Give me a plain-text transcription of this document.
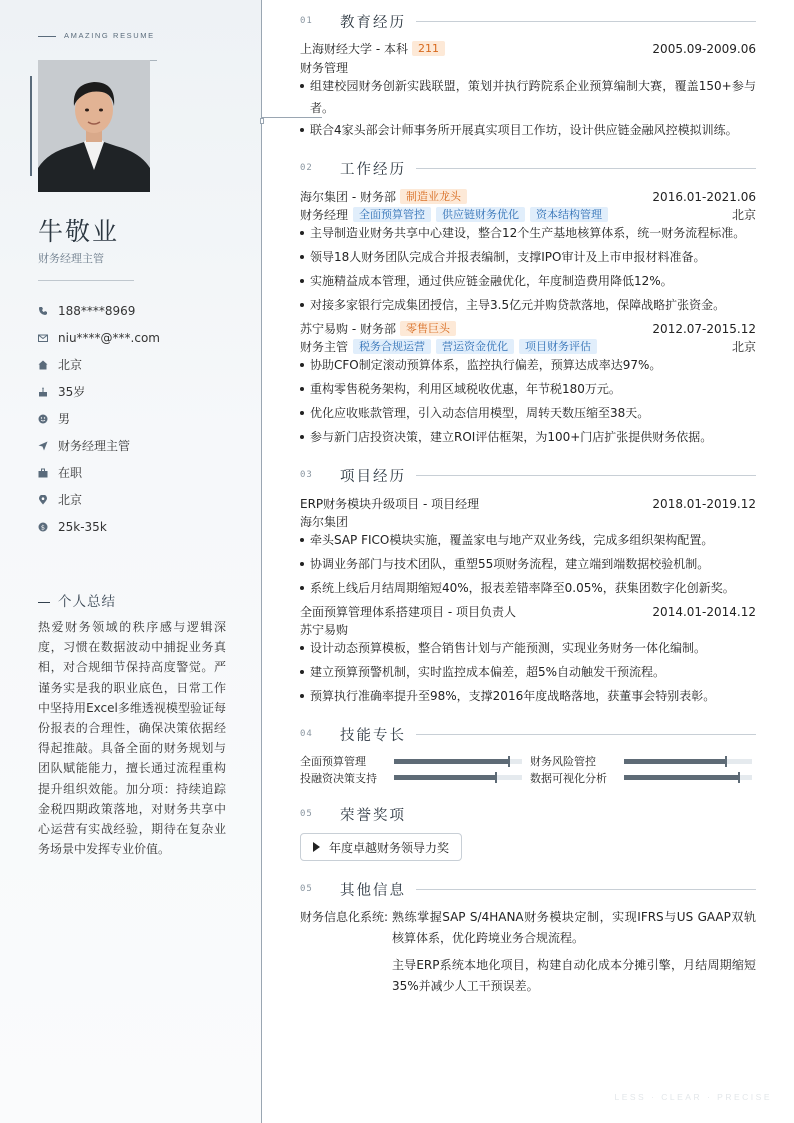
AMAZING RESUME
牛敬业
财务经理主管
188****8969
niu****@***.com
北京
35岁
男
财务经理主管
在职
北京
$ 25k-35k
个人总结
热爱财务领域的秩序感与逻辑深度，习惯在数据波动中捕捉业务真相，对合规细节保持高度警觉。严谨务实是我的职业底色，日常工作中坚持用Excel多维透视模型验证每份报表的合理性，确保决策依据经得起推敲。具备全面的财务规划与团队赋能能力，擅长通过流程重构提升组织效能。加分项：持续追踪金税四期政策落地，对财务共享中心运营有实战经验，期待在复杂业务场景中发挥专业价值。
01	教育经历
上海财经大学 - 本科 211	2005.09-2009.06
财务管理
组建校园财务创新实践联盟，策划并执行跨院系企业预算编制大赛，覆盖150+参与者。
联合4家头部会计师事务所开展真实项目工作坊，设计供应链金融风控模拟训练。
02	工作经历
海尔集团 - 财务部 制造业龙头	2016.01-2021.06
财务经理	全面预算管控	供应链财务优化	资本结构管理	北京
主导制造业财务共享中心建设，整合12个生产基地核算体系，统一财务流程标准。
领导18人财务团队完成合并报表编制，支撑IPO审计及上市申报材料准备。
实施精益成本管理，通过供应链金融优化，年度制造费用降低12%。
对接多家银行完成集团授信，主导3.5亿元并购贷款落地，保障战略扩张资金。
苏宁易购 - 财务部 零售巨头	2012.07-2015.12
财务主管	税务合规运营	营运资金优化	项目财务评估	北京
协助CFO制定滚动预算体系，监控执行偏差，预算达成率达97%。
重构零售税务架构，利用区域税收优惠，年节税180万元。
优化应收账款管理，引入动态信用模型，周转天数压缩至38天。
参与新门店投资决策，建立ROI评估框架，为100+门店扩张提供财务依据。
03	项目经历
ERP财务模块升级项目 - 项目经理	2018.01-2019.12
海尔集团
牵头SAP FICO模块实施，覆盖家电与地产双业务线，完成多组织架构配置。
协调业务部门与技术团队，重塑55项财务流程，建立端到端数据校验机制。
系统上线后月结周期缩短40%，报表差错率降至0.05%，获集团数字化创新奖。
全面预算管理体系搭建项目 - 项目负责人	2014.01-2014.12
苏宁易购
设计动态预算模板，整合销售计划与产能预测，实现业务财务一体化编制。
建立预算预警机制，实时监控成本偏差，超5%自动触发干预流程。
预算执行准确率提升至98%，支撑2016年度战略落地，获董事会特别表彰。
04	技能专长
全面预算管理	财务风险管控
投融资决策支持	数据可视化分析
05	荣誉奖项
年度卓越财务领导力奖
05	其他信息
财务信息化系统: 熟练掌握SAP S/4HANA财务模块定制，实现IFRS与US GAAP双轨核算体系，优化跨境业务合规流程。
主导ERP系统本地化项目，构建自动化成本分摊引擎，月结周期缩短35%并减少人工干预误差。
LESS · CLEAR · PRECISE
